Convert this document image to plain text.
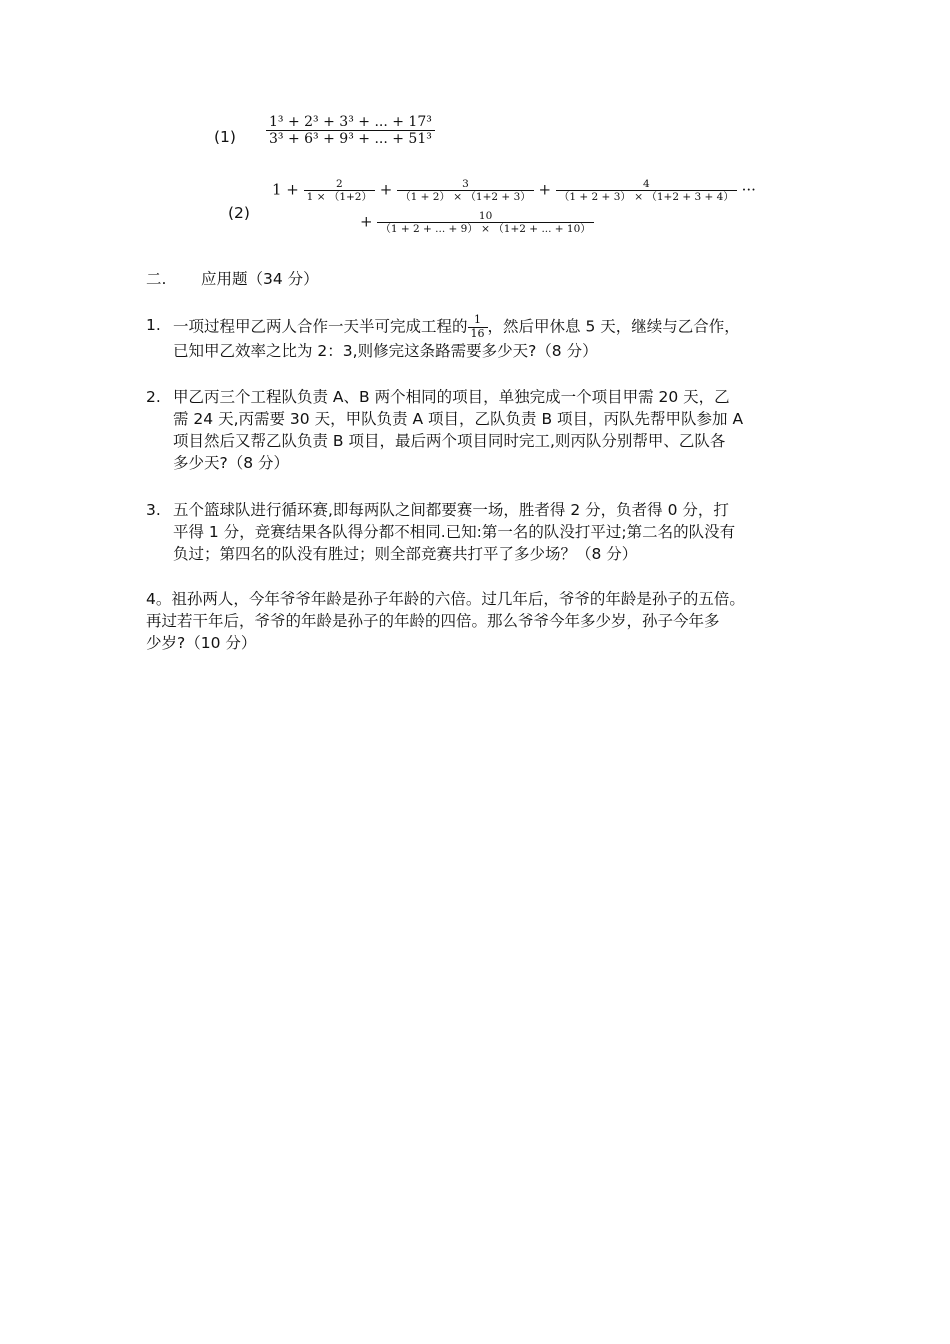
$(1) \frac{\text{1³ + 2³ + 3³ + ... + 17³}}{\text{3³ + 6³ + 9³ + ... + 51³}}$
(2)
$1 + \frac{2}{1 \times (1+2)} + \frac{3}{(1 + 2) \times (1+2 + 3)} + \frac{4}{(1 + 2 + 3) \times (1+2 + 3 + 4)}$ ···
+ $\frac{10}{(1 + 2 + ... + 9) \times (1+2 + ... + 10)}$
二. 应用题（34 分）
1. 一项过程甲乙两人合作一天半可完成工程的 $\frac{1}{16}$ ，然后甲休息 5 天，继续与乙合作，
已知甲乙效率之比为 2：3,则修完这条路需要多少天?（8 分）
2. 甲乙丙三个工程队负责 A、B 两个相同的项目，单独完成一个项目甲需 20 天，乙
需 24 天,丙需要 30 天，甲队负责 A 项目，乙队负责 B 项目，丙队先帮甲队参加 A
项目然后又帮乙队负责 B 项目，最后两个项目同时完工,则丙队分别帮甲、乙队各
多少天?（8 分）
3. 五个篮球队进行循环赛,即每两队之间都要赛一场，胜者得 2 分，负者得 0 分，打
平得 1 分，竞赛结果各队得分都不相同.已知:第一名的队没打平过;第二名的队没有
负过；第四名的队没有胜过；则全部竞赛共打平了多少场？（8 分）
4。祖孙两人，今年爷爷年龄是孙子年龄的六倍。过几年后，爷爷的年龄是孙子的五倍。
再过若干年后，爷爷的年龄是孙子的年龄的四倍。那么爷爷今年多少岁，孙子今年多
少岁?（10 分）
